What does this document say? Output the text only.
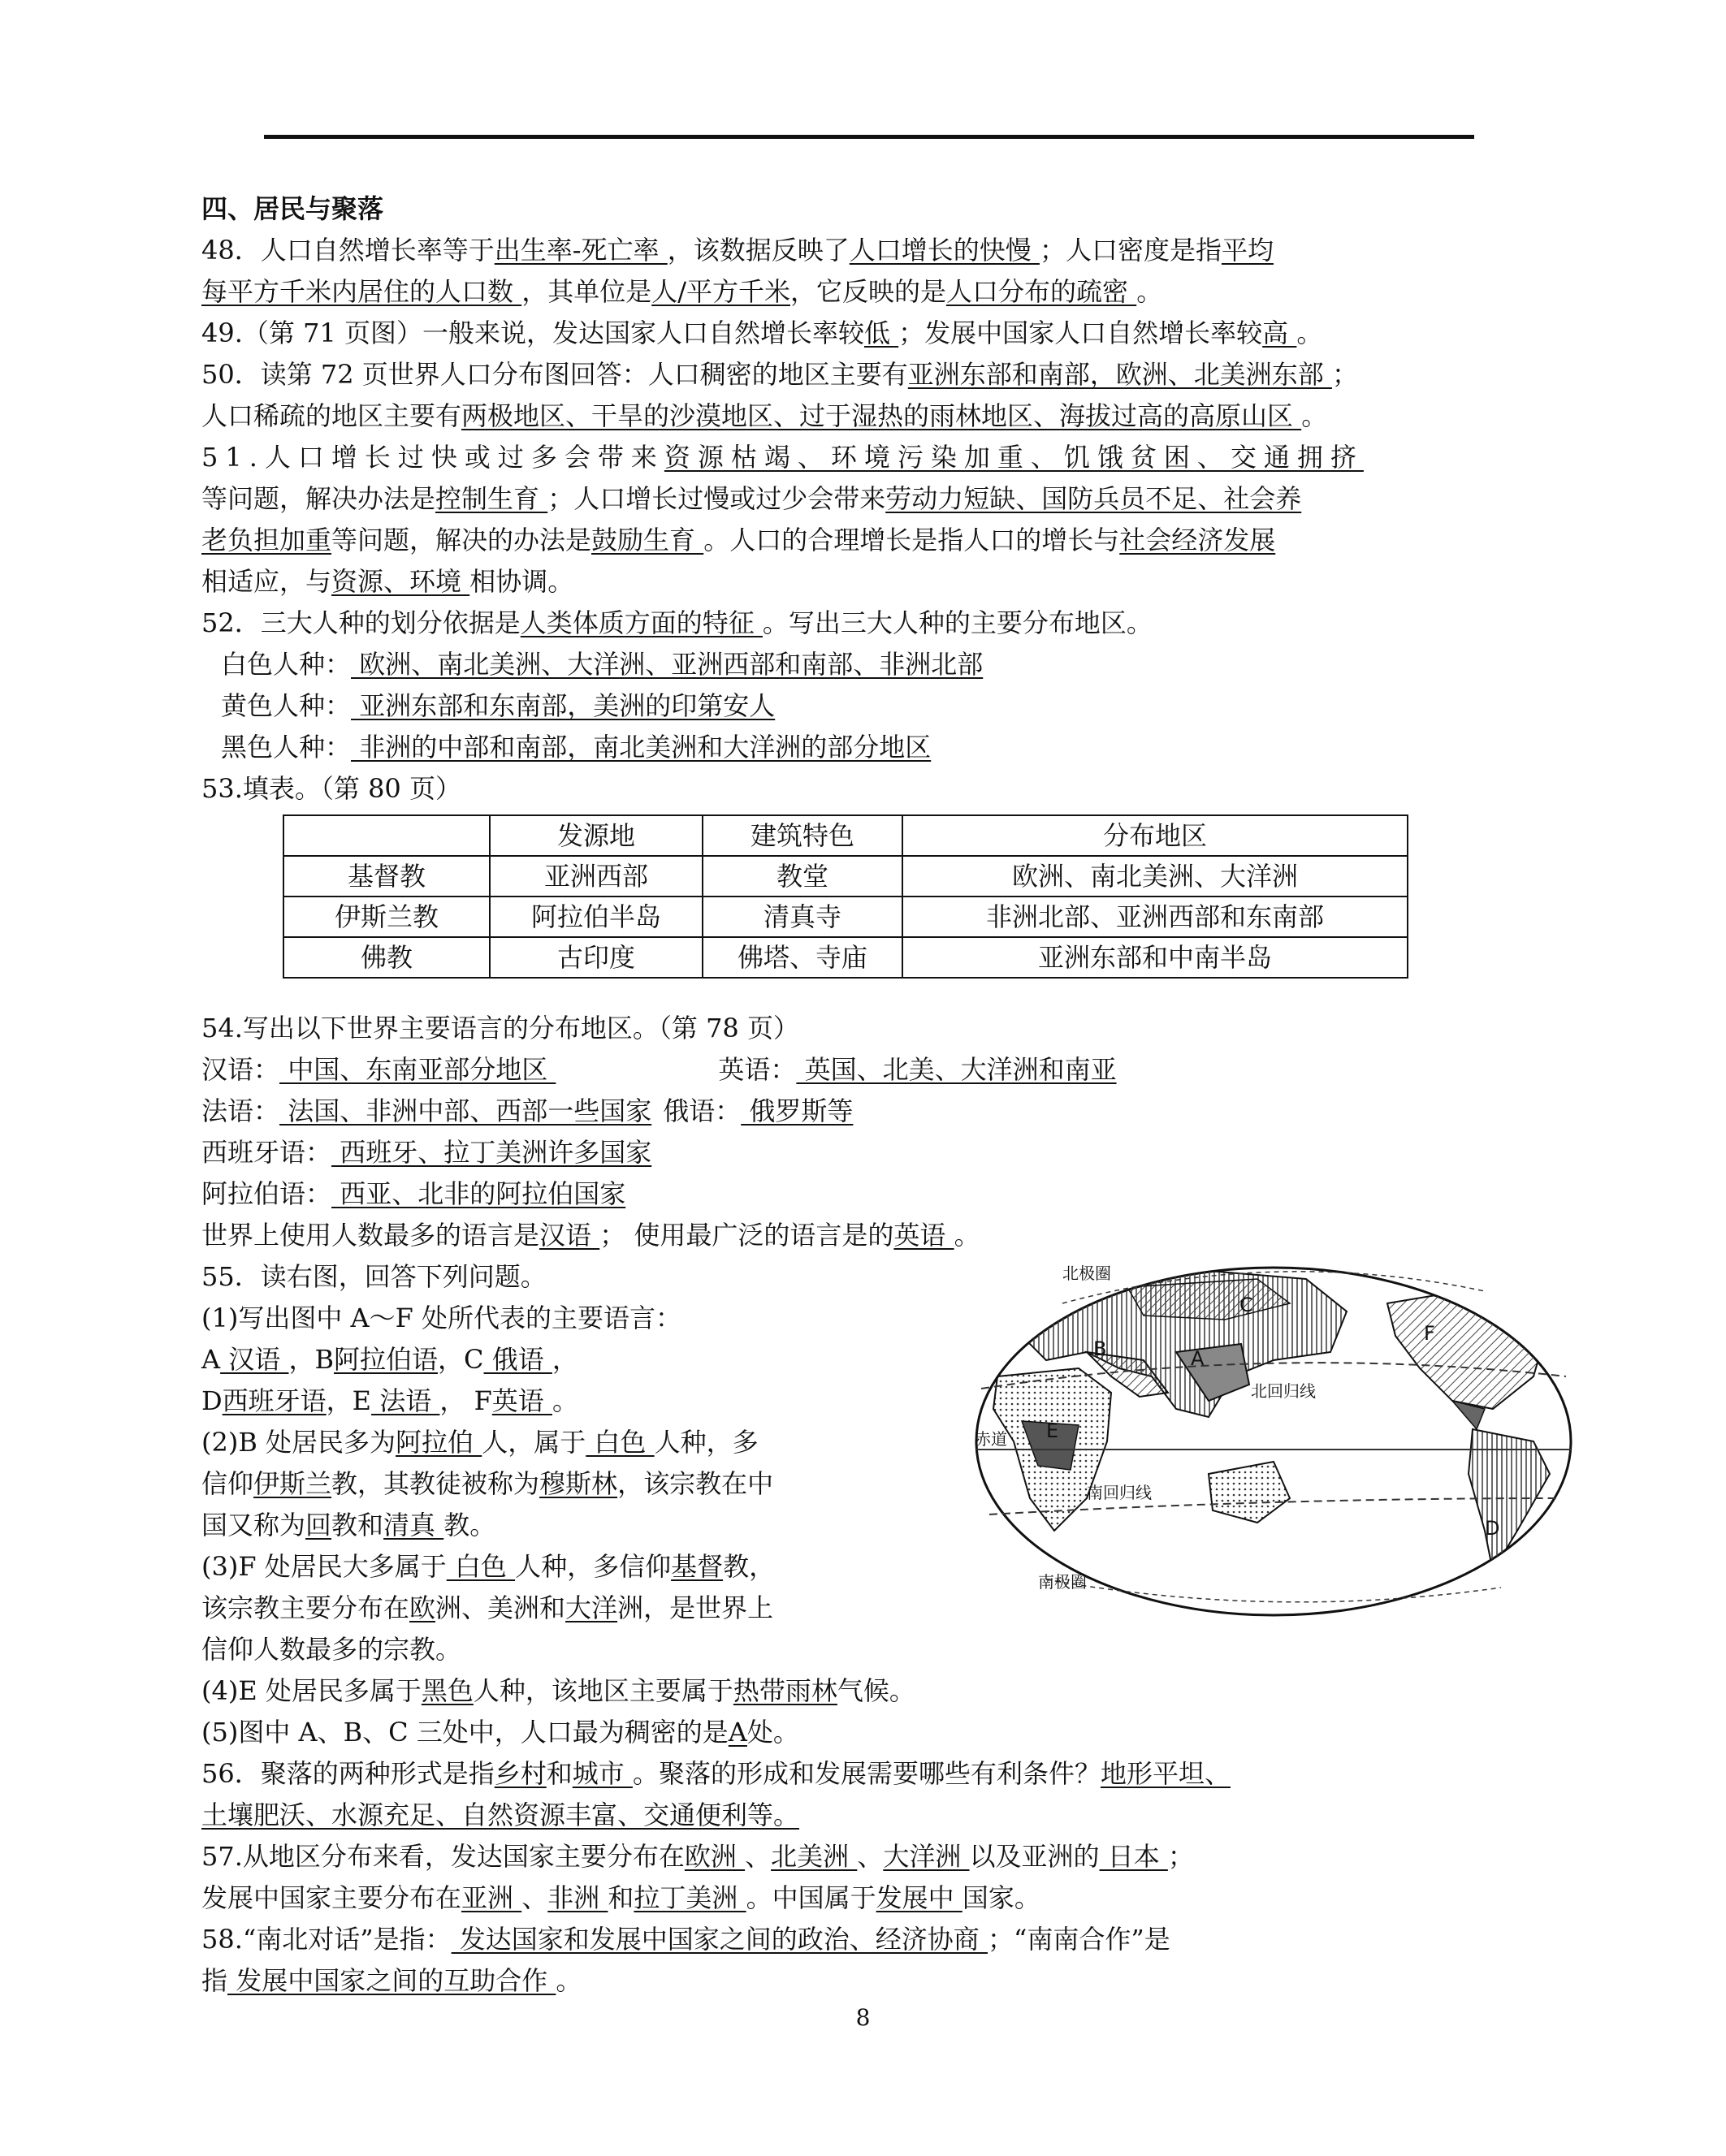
四、居民与聚落
48．人口自然增长率等于出生率-死亡率 ，该数据反映了人口增长的快慢 ；人口密度是指平均
每平方千米内居住的人口数 ，其单位是人/平方千米，它反映的是人口分布的疏密 。
49.（第 71 页图）一般来说，发达国家人口自然增长率较低 ；发展中国家人口自然增长率较高 。
50．读第 72 页世界人口分布图回答：人口稠密的地区主要有亚洲东部和南部，欧洲、北美洲东部 ；
人口稀疏的地区主要有两极地区、干旱的沙漠地区、过于湿热的雨林地区、海拔过高的高原山区 。
51.人口增长过快或过多会带来资源枯竭、环境污染加重、饥饿贫困、交通拥挤
等问题，解决办法是控制生育 ；人口增长过慢或过少会带来劳动力短缺、国防兵员不足、社会养
老负担加重等问题，解决的办法是鼓励生育 。人口的合理增长是指人口的增长与社会经济发展
相适应，与资源、环境 相协调。
52．三大人种的划分依据是人类体质方面的特征 。写出三大人种的主要分布地区。
白色人种： 欧洲、南北美洲、大洋洲、亚洲西部和南部、非洲北部
黄色人种： 亚洲东部和东南部，美洲的印第安人
黑色人种： 非洲的中部和南部，南北美洲和大洋洲的部分地区
53.填表。（第 80 页）
	发源地	建筑特色	分布地区
基督教	亚洲西部	教堂	欧洲、南北美洲、大洋洲
伊斯兰教	阿拉伯半岛	清真寺	非洲北部、亚洲西部和东南部
佛教	古印度	佛塔、寺庙	亚洲东部和中南半岛
54.写出以下世界主要语言的分布地区。（第 78 页）
汉语： 中国、东南亚部分地区	英语： 英国、北美、大洋洲和南亚
法语： 法国、非洲中部、西部一些国家 俄语： 俄罗斯等
西班牙语： 西班牙、拉丁美洲许多国家
阿拉伯语： 西亚、北非的阿拉伯国家
世界上使用人数最多的语言是汉语 ； 使用最广泛的语言是的英语 。
55．读右图，回答下列问题。
(1)写出图中 A～F 处所代表的主要语言：
A 汉语 ，B阿拉伯语，C 俄语 ，
D西班牙语，E 法语 ， F英语 。
(2)B 处居民多为阿拉伯 人，属于 白色 人种，多
信仰伊斯兰教，其教徒被称为穆斯林，该宗教在中
国又称为回教和清真 教。
(3)F 处居民大多属于 白色 人种，多信仰基督教，
该宗教主要分布在欧洲、美洲和大洋洲，是世界上
信仰人数最多的宗教。
(4)E 处居民多属于黑色人种，该地区主要属于热带雨林气候。
(5)图中 A、B、C 三处中，人口最为稠密的是A处。
56．聚落的两种形式是指乡村和城市 。聚落的形成和发展需要哪些有利条件？地形平坦、
土壤肥沃、水源充足、自然资源丰富、交通便利等。
57.从地区分布来看，发达国家主要分布在欧洲 、北美洲 、大洋洲 以及亚洲的 日本 ；
发展中国家主要分布在亚洲 、非洲 和拉丁美洲 。中国属于发展中 国家。
58.“南北对话”是指： 发达国家和发展中国家之间的政治、经济协商 ；“南南合作”是
指 发展中国家之间的互助合作 。
北极圈
北回归线
赤道
南回归线
南极圈
A
B
C
D
E
F
8
